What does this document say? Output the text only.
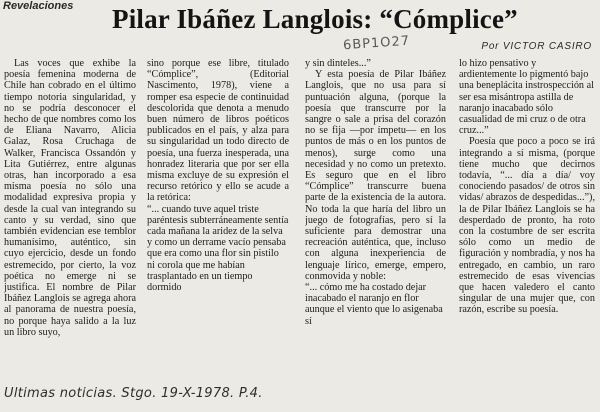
Revelaciones Pilar Ibáñez Langlois: “Cómplice”
6BP1O27	Por VICTOR CASIRO

Las voces que exhibe la poesía femenina moderna de Chile han cobrado en el último tiempo notoria singularidad, y no se podría desconocer el hecho de que nombres como los de Eliana Navarro, Alicia Galaz, Rosa Cruchaga de Walker, Francisca Ossandón y Lita Gutiérrez, entre algunas otras, han incorporado a esa misma poesía no sólo una modalidad expresiva propia y desde la cual van integrando su canto y su verdad, sino que también evidencian ese temblor humanísimo, auténtico, sin cuyo ejercicio, desde un fondo estremecido, por cierto, la voz poética no emerge ni se justifica. El nombre de Pilar Ibáñez Langlois se agrega ahora al panorama de nuestra poesía, no porque haya salido a la luz un libro suyo,

sino porque ese libre, titulado “Cómplice”, (Editorial Nascimento, 1978), viene a romper esa especie de continuidad descolorida que denota a menudo buen número de libros poéticos publicados en el país, y alza para su singularidad un todo directo de poesía, una fuerza inesperada, una honradez literaria que por ser ella misma excluye de su expresión el recurso retórico y ello se acude a la retórica:

“... cuando tuve aquel triste paréntesis subterráneamente sentía cada mañana la aridez de la selva y como un derrame vacío pensaba que era como una flor sin pistilo ni corola que me habían trasplantado en un tiempo dormido

y sin dinteles...”

Y esta poesía de Pilar Ibáñez Langlois, que no usa para sí puntuación alguna, (porque la poesía que transcurre por la sangre o sale a prisa del corazón no se fija —por ímpetu— en los puntos de más o en los puntos de menos), surge como una necesidad y no como un pretexto. Es seguro que en el libro “Cómplice” transcurre buena parte de la existencia de la autora. No toda la que haría del libro un juego de fotografías, pero sí la suficiente para demostrar una recreación auténtica, que, incluso con alguna inexperiencia de lenguaje lírico, emerge, empero, conmovida y noble:

“... cómo me ha costado dejar inacabado el naranjo en flor aunque el viento que lo asigenaba sí

lo hizo pensativo y ardientemente lo pigmentó bajo una beneplácita instrospección al ser esa misántropa astilla de naranjo inacabado sólo casualidad de mi cruz o de otra cruz...”

Poesía que poco a poco se irá integrando a sí misma, (porque tiene mucho que decirnos todavía, “... día a día/ voy conociendo pasados/ de otros sin vidas/ abrazos de despedidas...”), la de Pilar Ibáñez Langlois se ha desperdado de pronto, ha roto con la costumbre de ser escrita sólo como un medio de figuración y nombradía, y nos ha entregado, en cambio, un raro estremecido de esas vivencias que hacen valedero el canto singular de una mujer que, con razón, escribe su poesía.

Ultimas noticias. Stgo. 19-X-1978. P.4.
